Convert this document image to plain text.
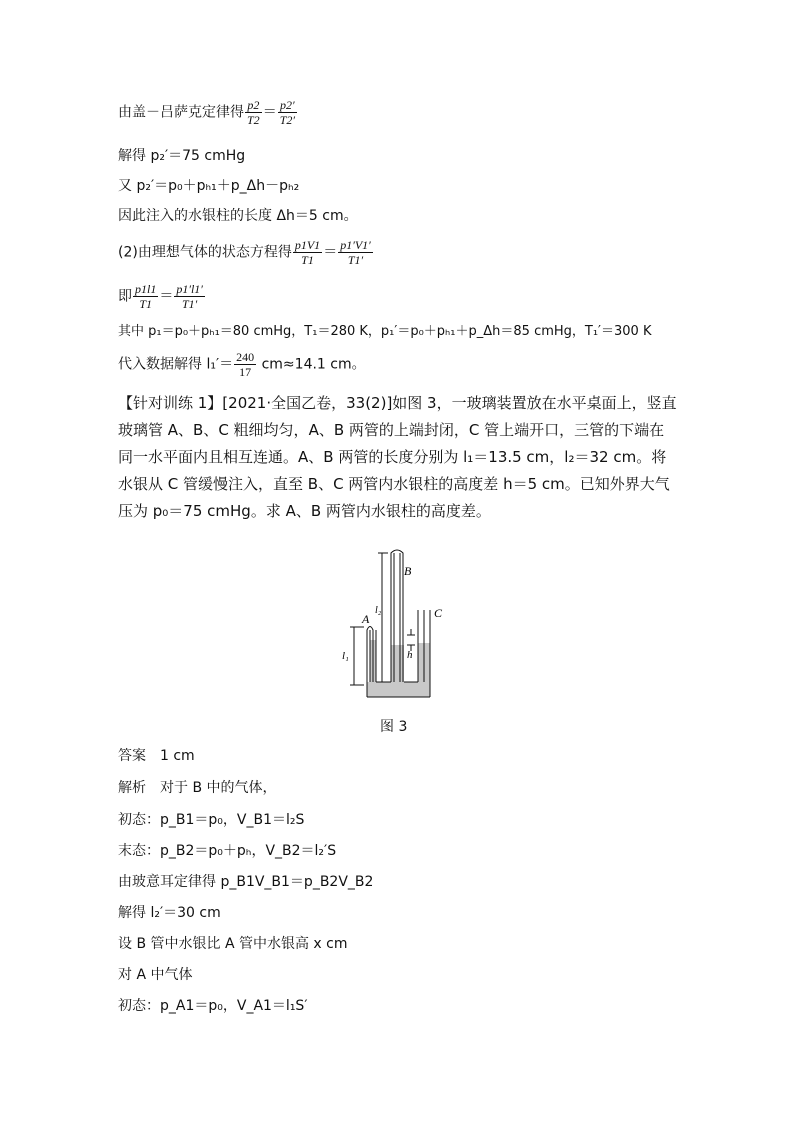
由盖－吕萨克定律得 $\frac{p2}{T2} = \frac{p2'}{T2'}$
解得 p₂′＝75 cmHg
又 p₂′＝p₀＋pₕ₁＋p_Δh－pₕ₂
因此注入的水银柱的长度 Δh＝5 cm。
(2)由理想气体的状态方程得 $\frac{p1V1}{T1} = \frac{p1'V1'}{T1'}$
即 $\frac{p1l1}{T1} = \frac{p1'l1'}{T1'}$
其中 p₁＝p₀＋pₕ₁＝80 cmHg，T₁＝280 K，p₁′＝p₀＋pₕ₁＋p_Δh＝85 cmHg，T₁′＝300 K
代入数据解得 $l_1'= \frac{240}{17} cm\approx 14.1$ cm。
【针对训练 1】[2021·全国乙卷，33(2)]如图 3，一玻璃装置放在水平桌面上，竖直玻璃管 A、B、C 粗细均匀，A、B 两管的上端封闭，C 管上端开口，三管的下端在同一水平面内且相互连通。A、B 两管的长度分别为 l₁＝13.5 cm，l₂＝32 cm。将水银从 C 管缓慢注入，直至 B、C 两管内水银柱的高度差 h＝5 cm。已知外界大气压为 p₀＝75 cmHg。求 A、B 两管内水银柱的高度差。
A
B
C
l₁
l₂
h
图 3
答案　1 cm
解析　对于 B 中的气体，
初态：p_B1＝p₀，V_B1＝l₂S
末态：p_B2＝p₀＋pₕ，V_B2＝l₂′S
由玻意耳定律得 p_B1V_B1＝p_B2V_B2
解得 l₂′＝30 cm
设 B 管中水银比 A 管中水银高 x cm
对 A 中气体
初态：p_A1＝p₀，V_A1＝l₁S′
